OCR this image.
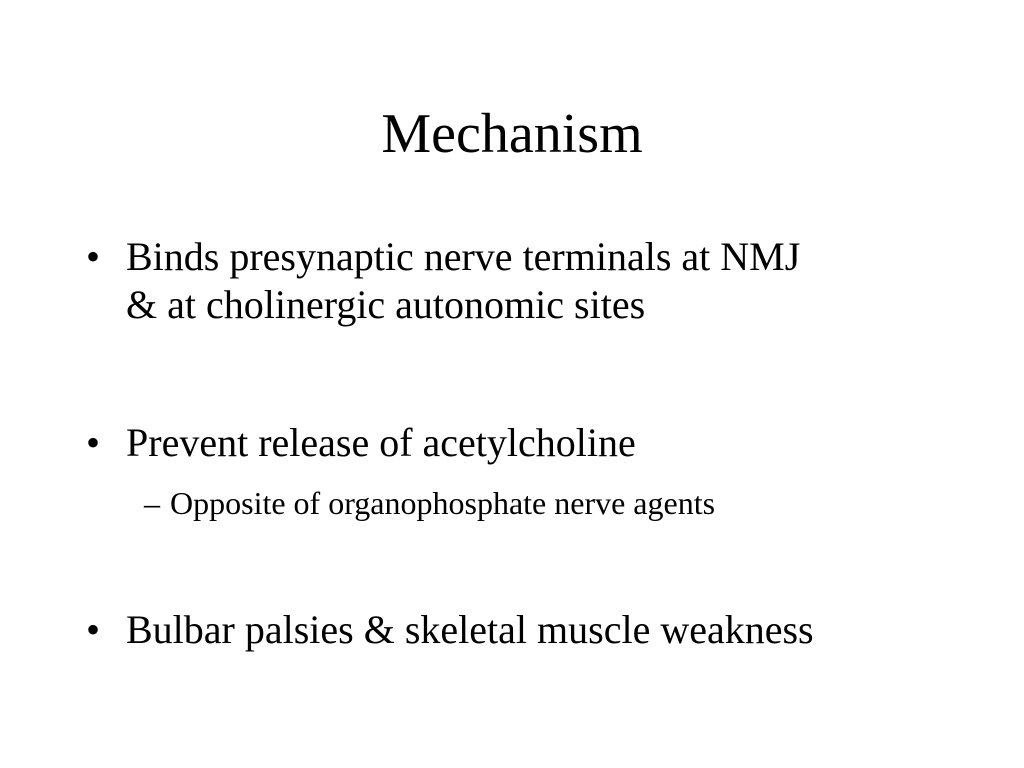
Mechanism
• Binds presynaptic nerve terminals at NMJ
& at cholinergic autonomic sites
• Prevent release of acetylcholine
– Opposite of organophosphate nerve agents
• Bulbar palsies & skeletal muscle weakness
